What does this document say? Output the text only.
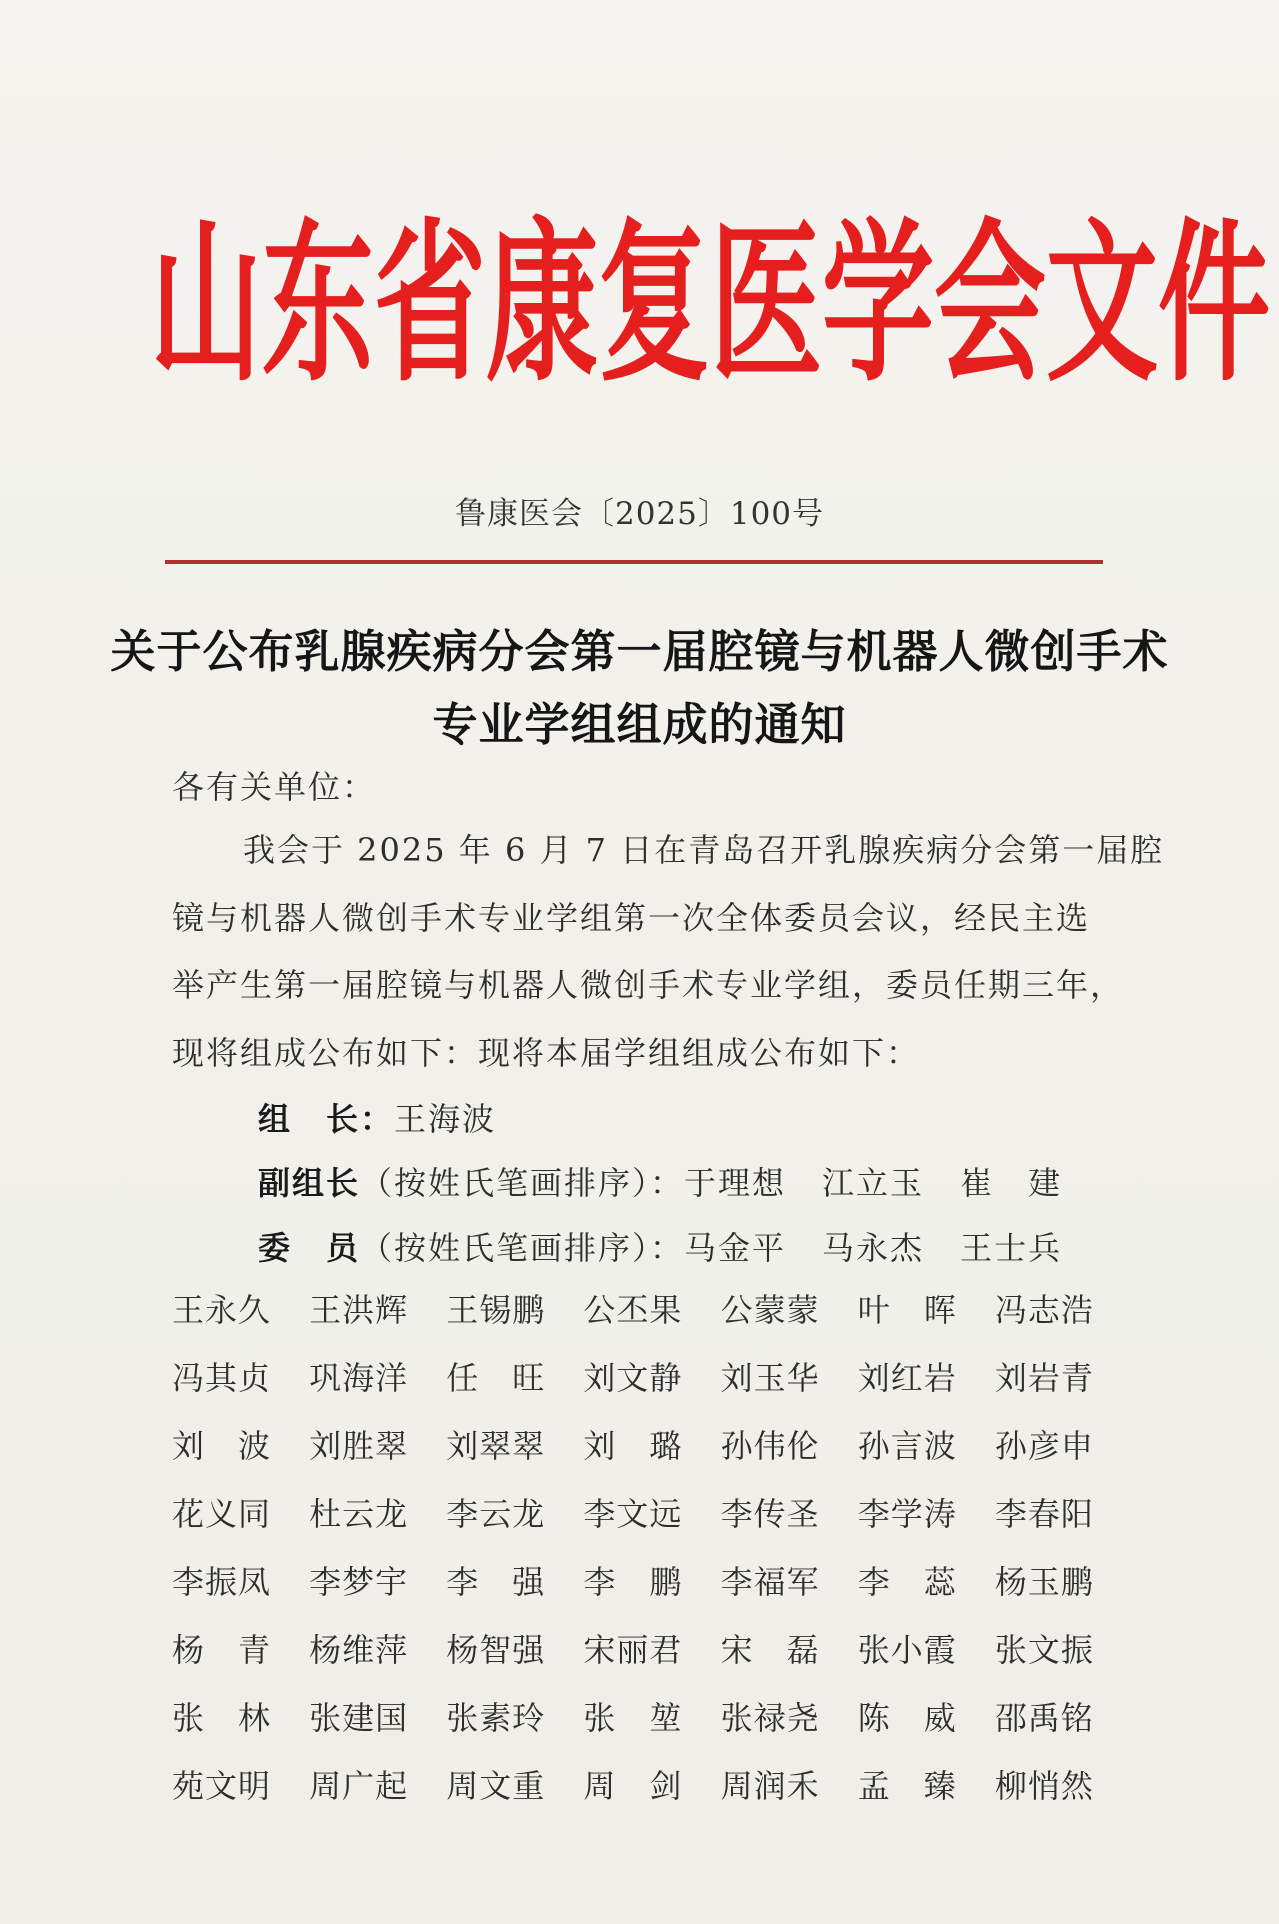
山东省康复医学会文件
鲁康医会〔2025〕100号
关于公布乳腺疾病分会第一届腔镜与机器人微创手术
专业学组组成的通知
各有关单位：
我会于 2025 年 6 月 7 日在青岛召开乳腺疾病分会第一届腔
镜与机器人微创手术专业学组第一次全体委员会议，经民主选
举产生第一届腔镜与机器人微创手术专业学组，委员任期三年，
现将组成公布如下：现将本届学组组成公布如下：
组　长：王海波
副组长（按姓氏笔画排序）：于理想 江立玉 崔　建
委　员（按姓氏笔画排序）：马金平 马永杰 王士兵
王永久	王洪辉	王锡鹏	公丕果	公蒙蒙	叶　晖	冯志浩
冯其贞	巩海洋	任　旺	刘文静	刘玉华	刘红岩	刘岩青
刘　波	刘胜翠	刘翠翠	刘　璐	孙伟伦	孙言波	孙彦申
花义同	杜云龙	李云龙	李文远	李传圣	李学涛	李春阳
李振凤	李梦宇	李　强	李　鹏	李福军	李　蕊	杨玉鹏
杨　青	杨维萍	杨智强	宋丽君	宋　磊	张小霞	张文振
张　林	张建国	张素玲	张　堃	张禄尧	陈　威	邵禹铭
苑文明	周广起	周文重	周　剑	周润禾	孟　臻	柳悄然
